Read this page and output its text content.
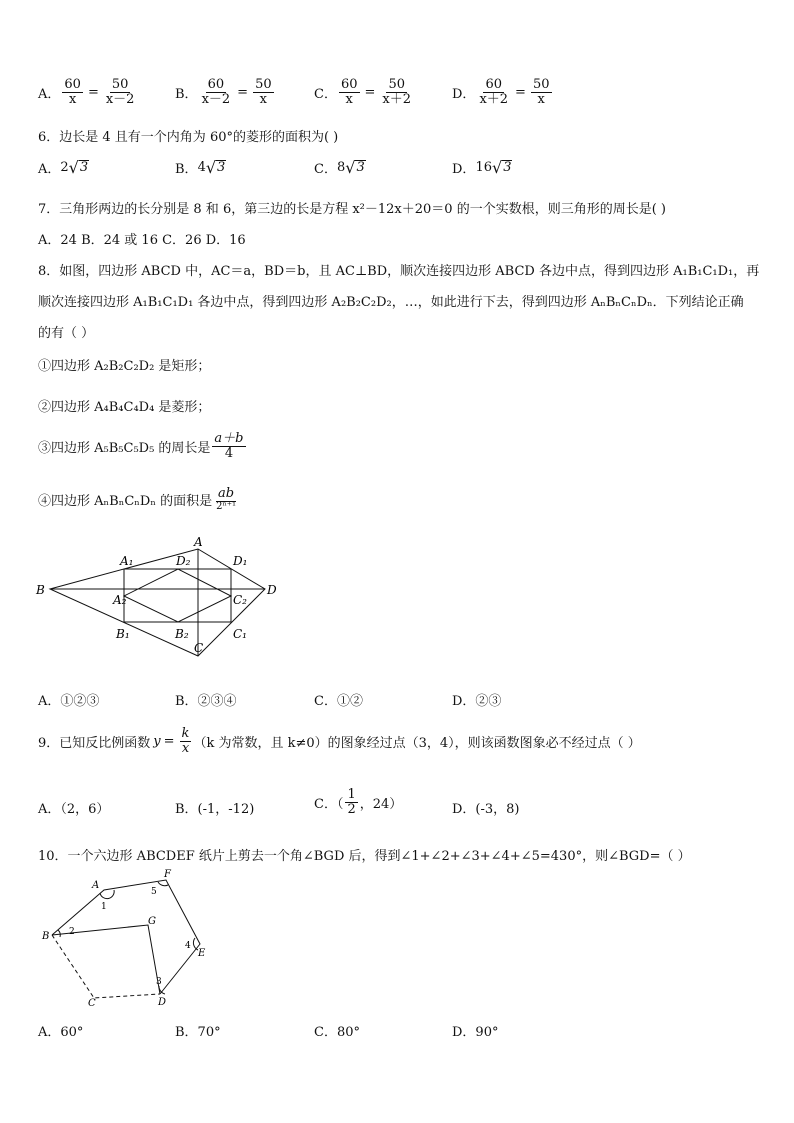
A． $\frac{60}{x} = \frac{50}{x-2}$	B． $\frac{60}{x-2} = \frac{50}{x}$	C． $\frac{60}{x} = \frac{50}{x+2}$	D． $\frac{60}{x+2} = \frac{50}{x}$
6．边长是 4 且有一个内角为 60°的菱形的面积为( )
A． 2 √ 3	B． 4 √ 3	C． 8 √ 3	D． 16 √ 3
7．三角形两边的长分别是 8 和 6，第三边的长是方程 x²－12x＋20＝0 的一个实数根，则三角形的周长是( )
A．24 B．24 或 16 C．26 D．16
8．如图，四边形 ABCD 中，AC＝a，BD＝b，且 AC⊥BD，顺次连接四边形 ABCD 各边中点，得到四边形 A₁B₁C₁D₁，再
顺次连接四边形 A₁B₁C₁D₁ 各边中点，得到四边形 A₂B₂C₂D₂，…，如此进行下去，得到四边形 AₙBₙCₙDₙ．下列结论正确
的有（ ）
①四边形 A₂B₂C₂D₂ 是矩形；
②四边形 A₄B₄C₄D₄ 是菱形；
③四边形 A₅B₅C₅D₅ 的周长是 $\frac{a+b}{4}$
④四边形 AₙBₙCₙDₙ 的面积是 $\frac{ab}{\text{2ⁿ⁺¹}}$
B
A
D
C
A₁	D₁
B₁	C₁
D₂
A₂	C₂
B₂
A．①②③	B．②③④	C．①②	D．②③
9．已知反比例函数 $y = \frac{k}{x} (k$ 为常数，且 k≠0）的图象经过点（3，4），则该函数图象必不经过点（ ）
A．（2，6）	B．(-1，-12)	C．（ $\frac{1}{2}$ ，24）	D．(-3，8)
10．一个六边形 ABCDEF 纸片上剪去一个角∠BGD 后，得到∠1+∠2+∠3+∠4+∠5=430°，则∠BGD=（ ）
A
F
B
G
E
D
C
1
5
4
3
2
A．60°	B．70°	C．80°	D．90°
